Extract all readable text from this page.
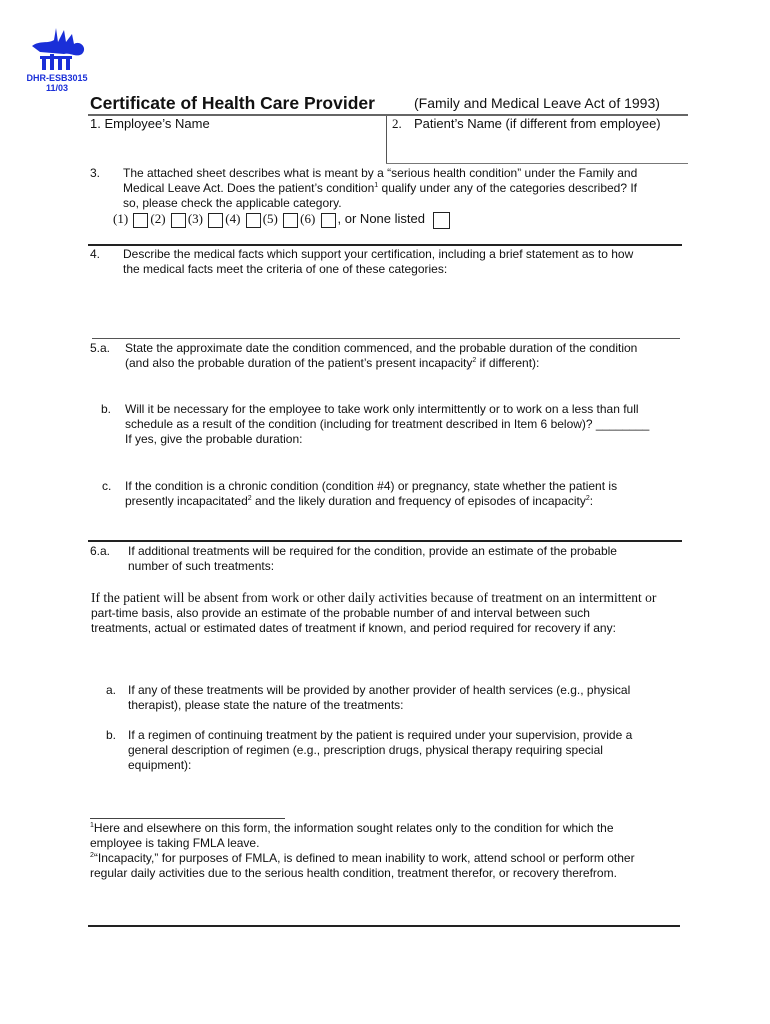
DHR-ESB3015
11/03
Certificate of Health Care Provider	(Family and Medical Leave Act of 1993)
1. Employee’s Name	2. Patient’s Name (if different from employee)
3. The attached sheet describes what is meant by a “serious health condition” under the Family and
Medical Leave Act. Does the patient’s condition$^1$ qualify under any of the categories described? If
so, please check the applicable category.
(1) (2) (3) (4) (5) (6) , or None listed
4. Describe the medical facts which support your certification, including a brief statement as to how
the medical facts meet the criteria of one of these categories:
5.a. State the approximate date the condition commenced, and the probable duration of the condition
(and also the probable duration of the patient’s present incapacity$^2$ if different):
b. Will it be necessary for the employee to take work only intermittently or to work on a less than full
schedule as a result of the condition (including for treatment described in Item 6 below)? ________
If yes, give the probable duration:
c. If the condition is a chronic condition (condition #4) or pregnancy, state whether the patient is
presently incapacitated$^2$ and the likely duration and frequency of episodes of incapacity$^2$:
6.a. If additional treatments will be required for the condition, provide an estimate of the probable
number of such treatments:
If the patient will be absent from work or other daily activities because of treatment on an intermittent or
part-time basis, also provide an estimate of the probable number of and interval between such
treatments, actual or estimated dates of treatment if known, and period required for recovery if any:
a. If any of these treatments will be provided by another provider of health services (e.g., physical
therapist), please state the nature of the treatments:
b. If a regimen of continuing treatment by the patient is required under your supervision, provide a
general description of regimen (e.g., prescription drugs, physical therapy requiring special
equipment):
$^1$Here and elsewhere on this form, the information sought relates only to the condition for which the
employee is taking FMLA leave.
$^2$“Incapacity,” for purposes of FMLA, is defined to mean inability to work, attend school or perform other
regular daily activities due to the serious health condition, treatment therefor, or recovery therefrom.
